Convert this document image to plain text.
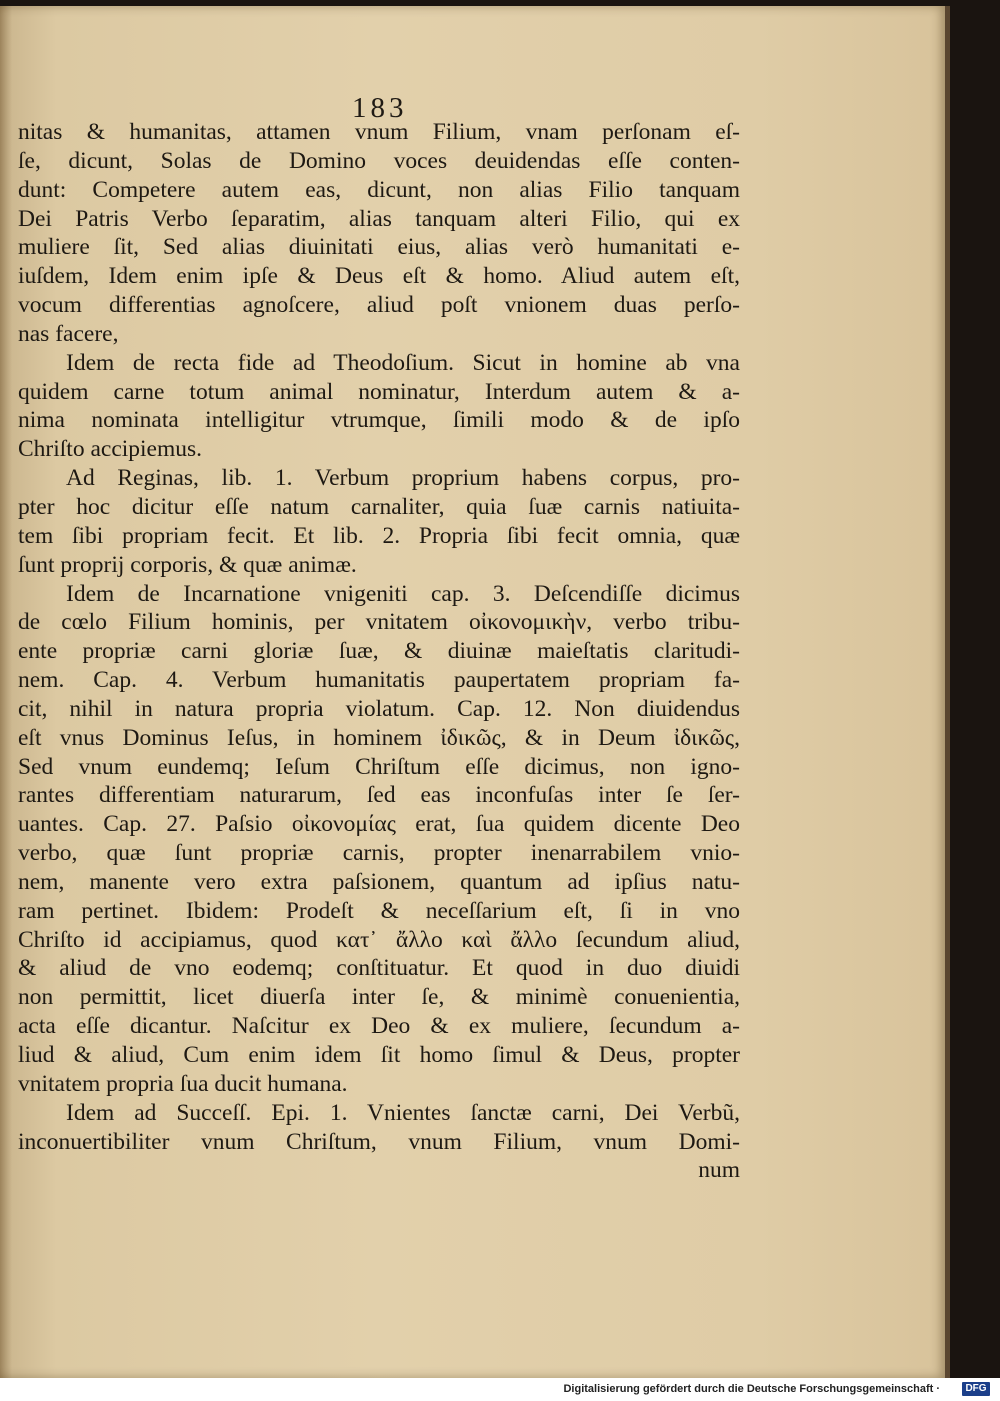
183
nitas & humanitas, attamen vnum Filium, vnam perſonam eſ-
ſe, dicunt, Solas de Domino voces deuidendas eſſe conten-
dunt: Competere autem eas, dicunt, non alias Filio tanquam
Dei Patris Verbo ſeparatim, alias tanquam alteri Filio, qui ex
muliere ſit, Sed alias diuinitati eius, alias verò humanitati e-
iuſdem, Idem enim ipſe & Deus eſt & homo. Aliud autem eſt,
vocum differentias agnoſcere, aliud poſt vnionem duas perſo-
nas facere,
Idem de recta fide ad Theodoſium. Sicut in homine ab vna
quidem carne totum animal nominatur, Interdum autem & a-
nima nominata intelligitur vtrumque, ſimili modo & de ipſo
Chriſto accipiemus.
Ad Reginas, lib. 1. Verbum proprium habens corpus, pro-
pter hoc dicitur eſſe natum carnaliter, quia ſuæ carnis natiuita-
tem ſibi propriam fecit. Et lib. 2. Propria ſibi fecit omnia, quæ
ſunt proprij corporis, & quæ animæ.
Idem de Incarnatione vnigeniti cap. 3. Deſcendiſſe dicimus
de cœlo Filium hominis, per vnitatem οἰκονομικὴν, verbo tribu-
ente propriæ carni gloriæ ſuæ, & diuinæ maieſtatis claritudi-
nem. Cap. 4. Verbum humanitatis paupertatem propriam fa-
cit, nihil in natura propria violatum. Cap. 12. Non diuidendus
eſt vnus Dominus Ieſus, in hominem ἰδικῶς, & in Deum ἰδικῶς,
Sed vnum eundemq; Ieſum Chriſtum eſſe dicimus, non igno-
rantes differentiam naturarum, ſed eas inconfuſas inter ſe ſer-
uantes. Cap. 27. Paſsio οἰκονομίας erat, ſua quidem dicente Deo
verbo, quæ ſunt propriæ carnis, propter inenarrabilem vnio-
nem, manente vero extra paſsionem, quantum ad ipſius natu-
ram pertinet. Ibidem: Prodeſt & neceſſarium eſt, ſi in vno
Chriſto id accipiamus, quod κατ᾽ ἄλλο καὶ ἄλλο ſecundum aliud,
& aliud de vno eodemq; conſtituatur. Et quod in duo diuidi
non permittit, licet diuerſa inter ſe, & minimè conuenientia,
acta eſſe dicantur. Naſcitur ex Deo & ex muliere, ſecundum a-
liud & aliud, Cum enim idem ſit homo ſimul & Deus, propter
vnitatem propria ſua ducit humana.
Idem ad Succeſſ. Epi. 1. Vnientes ſanctæ carni, Dei Verbũ,
inconuertibiliter vnum Chriſtum, vnum Filium, vnum Domi-
num
Digitalisierung gefördert durch die Deutsche Forschungsgemeinschaft ·	DFG
